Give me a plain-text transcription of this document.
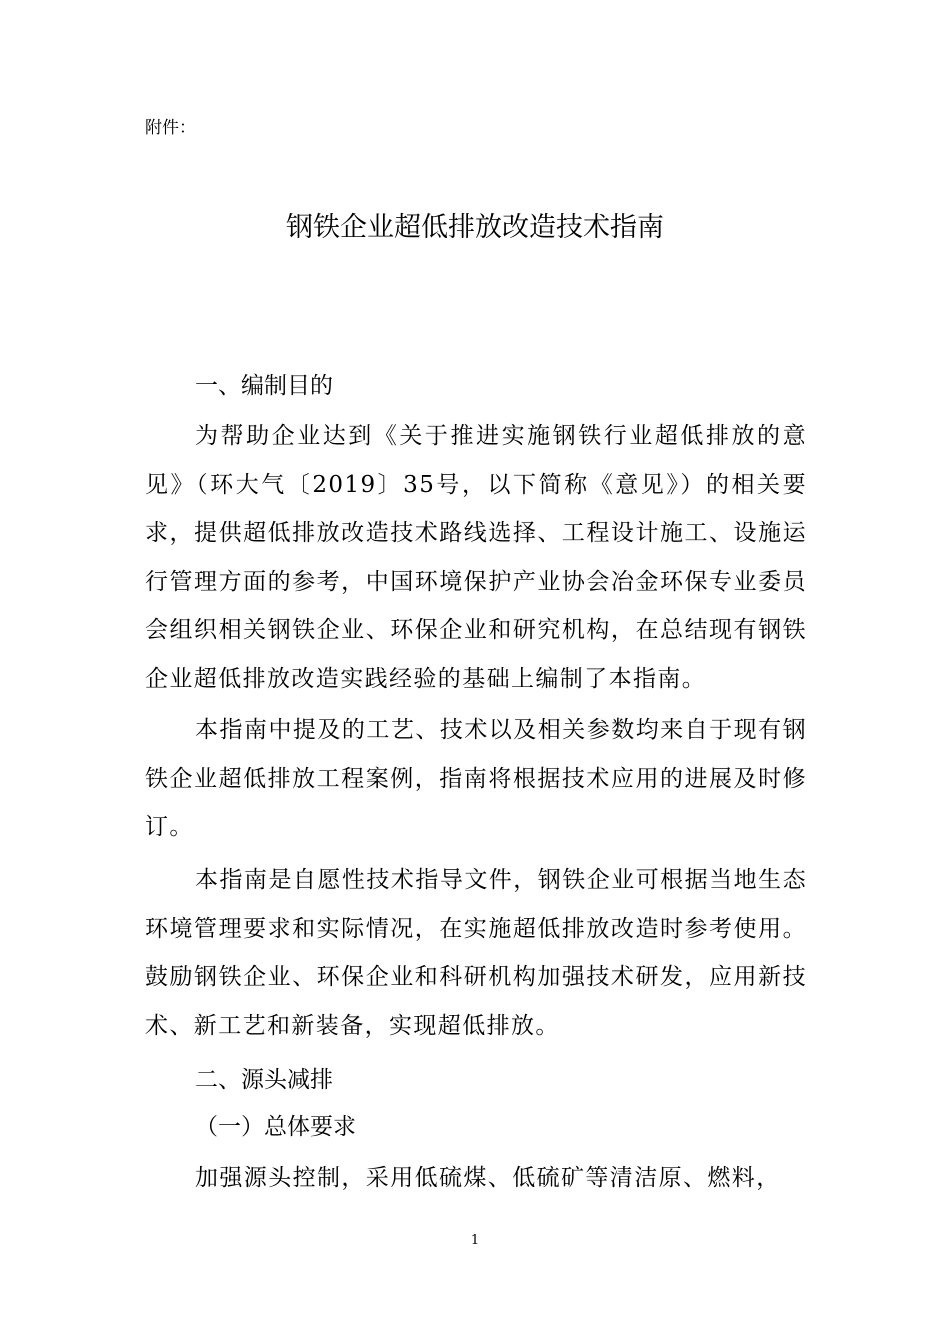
附件：
钢铁企业超低排放改造技术指南
一、编制目的

为帮助企业达到《关于推进实施钢铁行业超低排放的意见》（环大气〔2019〕35号，以下简称《意见》）的相关要求，提供超低排放改造技术路线选择、工程设计施工、设施运行管理方面的参考，中国环境保护产业协会冶金环保专业委员会组织相关钢铁企业、环保企业和研究机构，在总结现有钢铁企业超低排放改造实践经验的基础上编制了本指南。

本指南中提及的工艺、技术以及相关参数均来自于现有钢铁企业超低排放工程案例，指南将根据技术应用的进展及时修订。

本指南是自愿性技术指导文件，钢铁企业可根据当地生态环境管理要求和实际情况，在实施超低排放改造时参考使用。鼓励钢铁企业、环保企业和科研机构加强技术研发，应用新技术、新工艺和新装备，实现超低排放。

二、源头减排
（一）总体要求

加强源头控制，采用低硫煤、低硫矿等清洁原、燃料，

1
